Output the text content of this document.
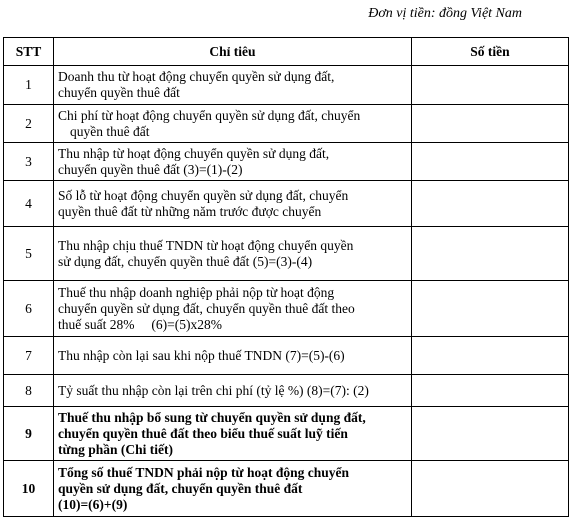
Đơn vị tiền: đồng Việt Nam
STT	Chỉ tiêu	Số tiền
1	Doanh thu từ hoạt động chuyển quyền sử dụng đất,
chuyển quyền thuê đất	
2	Chi phí từ hoạt động chuyển quyền sử dụng đất, chuyển
quyền thuê đất	
3	Thu nhập từ hoạt động chuyển quyền sử dụng đất,
chuyển quyền thuê đất (3)=(1)-(2)	
4	Số lỗ từ hoạt động chuyển quyền sử dụng đất, chuyển
quyền thuê đất từ những năm trước được chuyển	
5	Thu nhập chịu thuế TNDN từ hoạt động chuyển quyền
sử dụng đất, chuyển quyền thuê đất (5)=(3)-(4)	
6	Thuế thu nhập doanh nghiệp phải nộp từ hoạt động
chuyển quyền sử dụng đất, chuyển quyền thuê đất theo
thuế suất 28%     (6)=(5)x28%	
7	Thu nhập còn lại sau khi nộp thuế TNDN (7)=(5)-(6)	
8	Tỷ suất thu nhập còn lại trên chi phí (tỷ lệ %) (8)=(7): (2)	
9	Thuế thu nhập bổ sung từ chuyển quyền sử dụng đất,
chuyển quyền thuê đất theo biểu thuế suất luỹ tiến
từng phần (Chi tiết)	
10	Tổng số thuế TNDN phải nộp từ hoạt động chuyển
quyền sử dụng đất, chuyển quyền thuê đất
(10)=(6)+(9)	
